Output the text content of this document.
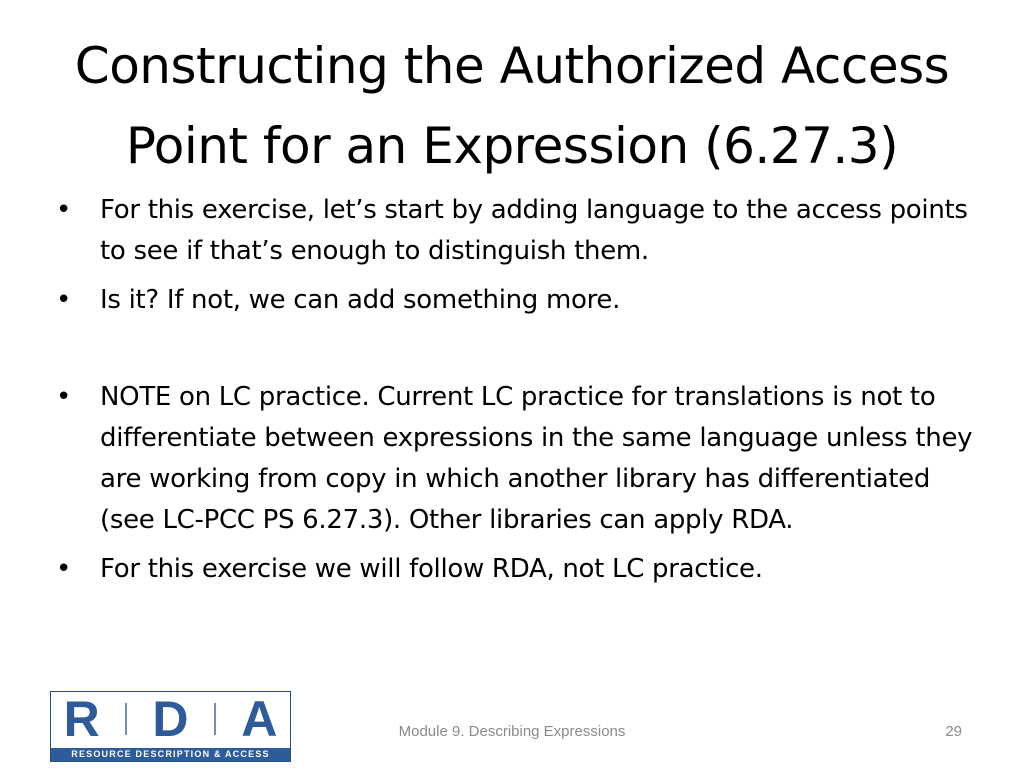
Constructing the Authorized Access
Point for an Expression (6.27.3)
• For this exercise, let’s start by adding language to the access points to see if that’s enough to distinguish them.
• Is it? If not, we can add something more.
• NOTE on LC practice. Current LC practice for translations is not to differentiate between expressions in the same language unless they are working from copy in which another library has differentiated (see LC-PCC PS 6.27.3). Other libraries can apply RDA.
• For this exercise we will follow RDA, not LC practice.
R D A
RESOURCE DESCRIPTION & ACCESS
Module 9. Describing Expressions	29
